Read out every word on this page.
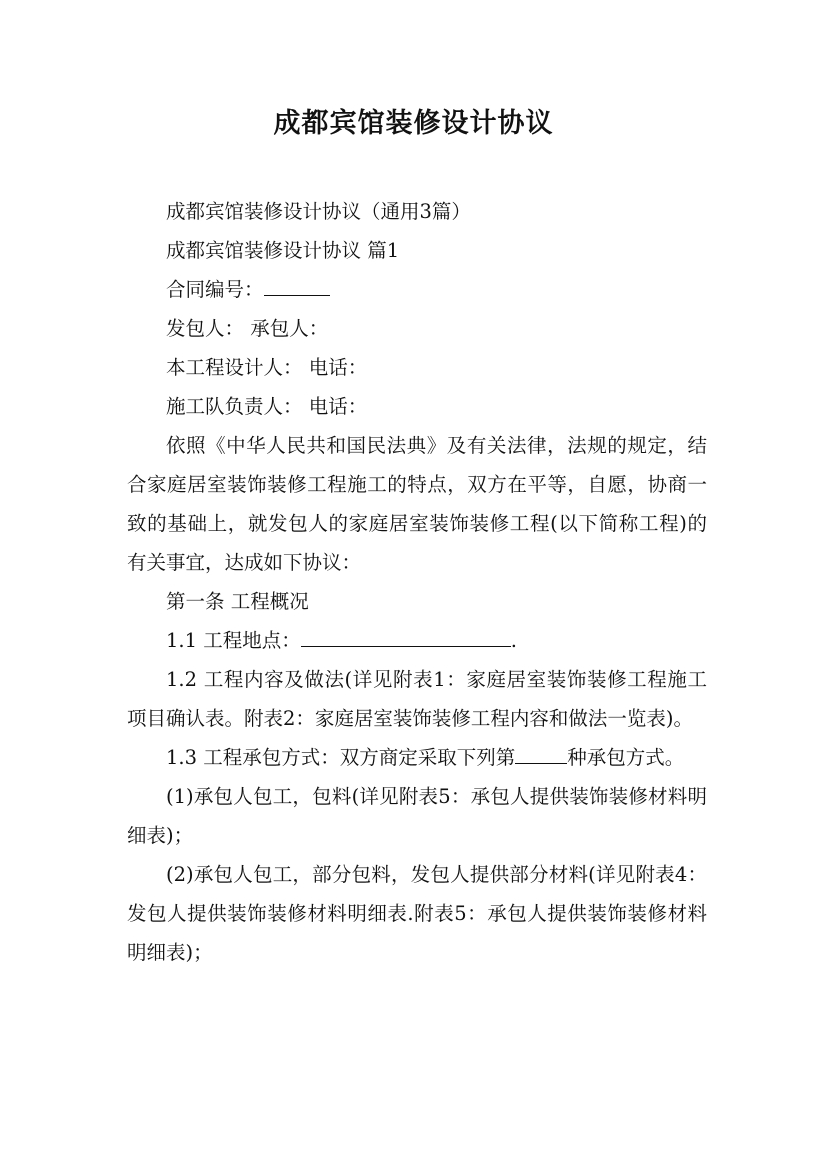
成都宾馆装修设计协议

成都宾馆装修设计协议（通用3篇）

成都宾馆装修设计协议 篇1

合同编号：

发包人： 承包人：

本工程设计人： 电话：

施工队负责人： 电话：

依照《中华人民共和国民法典》及有关法律，法规的规定，结合家庭居室装饰装修工程施工的特点，双方在平等，自愿，协商一致的基础上，就发包人的家庭居室装饰装修工程(以下简称工程)的有关事宜，达成如下协议：

第一条 工程概况

1.1 工程地点：	.

1.2 工程内容及做法(详见附表1：家庭居室装饰装修工程施工项目确认表。附表2：家庭居室装饰装修工程内容和做法一览表)。

1.3 工程承包方式：双方商定采取下列第	种承包方式。

(1)承包人包工，包料(详见附表5：承包人提供装饰装修材料明细表)；

(2)承包人包工，部分包料，发包人提供部分材料(详见附表4：发包人提供装饰装修材料明细表.附表5：承包人提供装饰装修材料明细表)；
